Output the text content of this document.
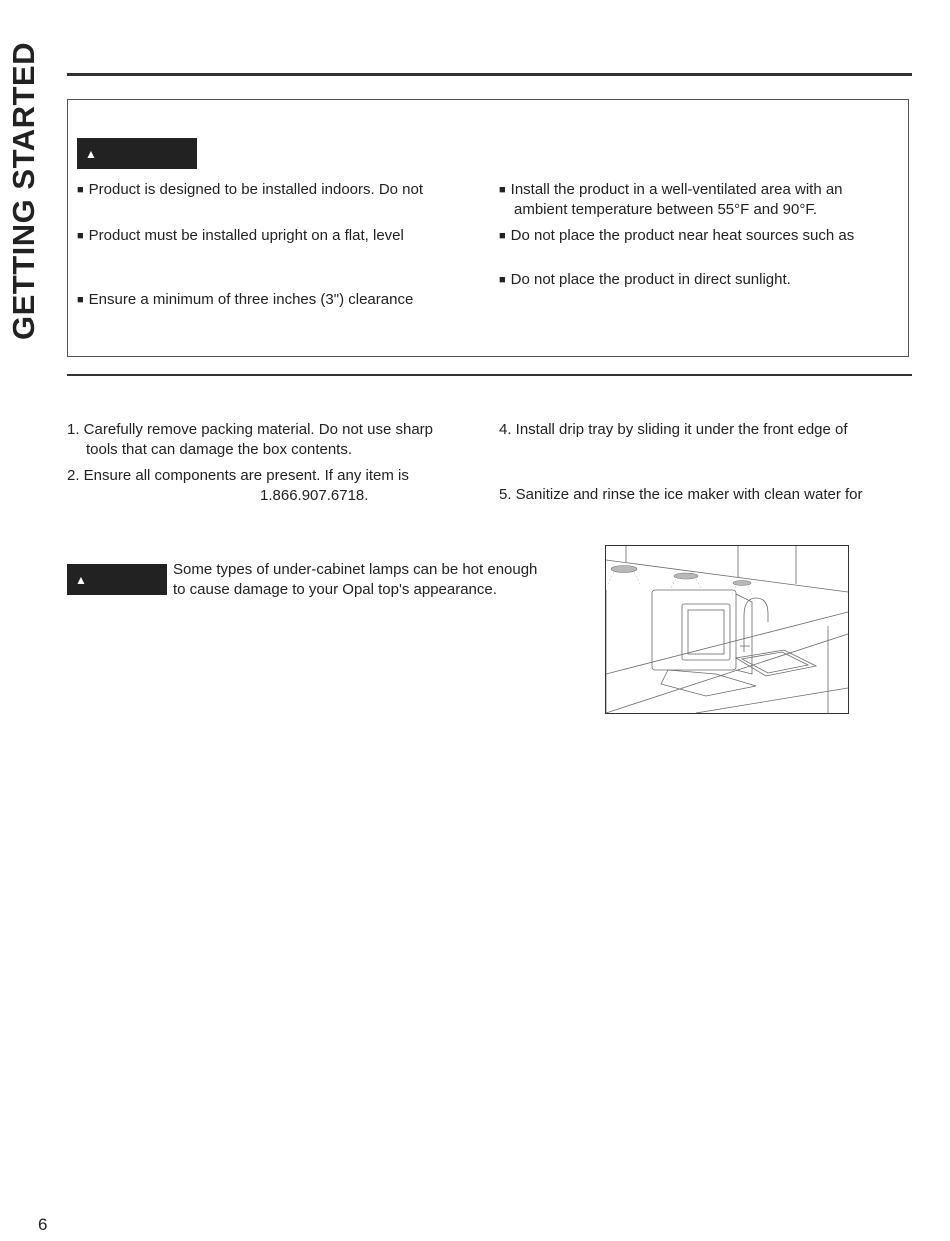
GETTING STARTED	▲
■ Product is designed to be installed indoors. Do not
■ Product must be installed upright on a flat, level
■ Ensure a minimum of three inches (3") clearance
■ Install the product in a well-ventilated area with an
ambient temperature between 55°F and 90°F.
■ Do not place the product near heat sources such as
■ Do not place the product in direct sunlight.
1. Carefully remove packing material. Do not use sharp
tools that can damage the box contents.
2. Ensure all components are present. If any item is
1.866.907.6718.
4. Install drip tray by sliding it under the front edge of
5. Sanitize and rinse the ice maker with clean water for
▲
Some types of under-cabinet lamps can be hot enough
to cause damage to your Opal top's appearance.
6
